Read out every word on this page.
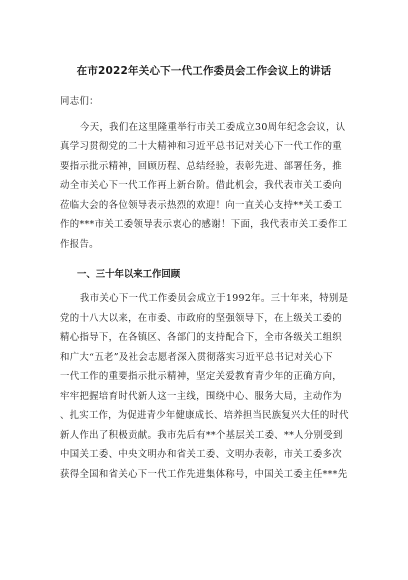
在市2022年关心下一代工作委员会工作会议上的讲话
同志们：
今天，我们在这里隆重举行市关工委成立30周年纪念会议，认
真学习贯彻党的二十大精神和习近平总书记对关心下一代工作的重
要指示批示精神，回顾历程、总结经验，表彰先进、部署任务，推
动全市关心下一代工作再上新台阶。借此机会，我代表市关工委向
莅临大会的各位领导表示热烈的欢迎！向一直关心支持**关工委工
作的***市关工委领导表示衷心的感谢！下面，我代表市关工委作工
作报告。
一、三十年以来工作回顾
我市关心下一代工作委员会成立于1992年。三十年来，特别是
党的十八大以来，在市委、市政府的坚强领导下，在上级关工委的
精心指导下，在各镇区、各部门的支持配合下，全市各级关工组织
和广大“五老”及社会志愿者深入贯彻落实习近平总书记对关心下
一代工作的重要指示批示精神，坚定关爱教育青少年的正确方向，
牢牢把握培育时代新人这一主线，围绕中心、服务大局，主动作为
、扎实工作，为促进青少年健康成长、培养担当民族复兴大任的时代
新人作出了积极贡献。我市先后有**个基层关工委、**人分别受到
中国关工委、中央文明办和省关工委、文明办表彰，市关工委多次
获得全国和省关心下一代工作先进集体称号，中国关工委主任***先
